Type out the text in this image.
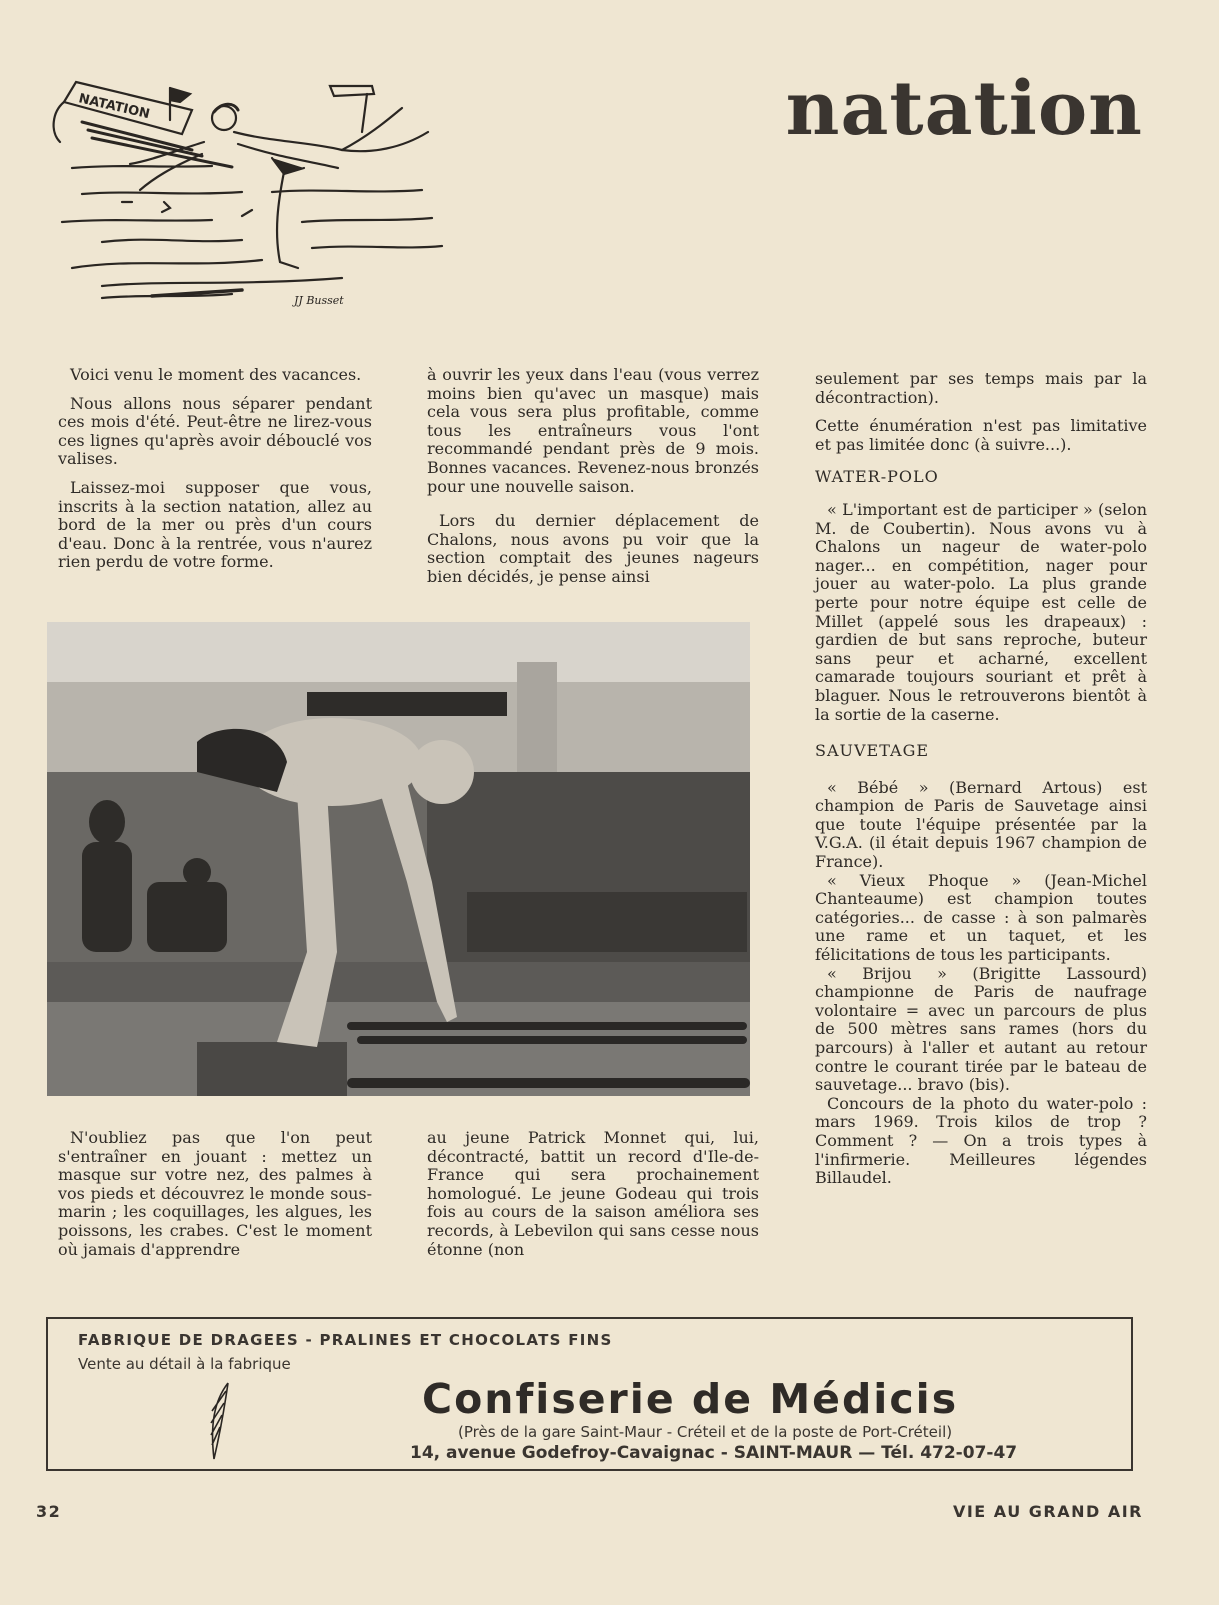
NATATION
JJ Busset
natation

Voici venu le moment des vacances.

Nous allons nous séparer pendant ces mois d'été. Peut-être ne lirez-vous ces lignes qu'après avoir débouclé vos valises.

Laissez-moi supposer que vous, inscrits à la section natation, allez au bord de la mer ou près d'un cours d'eau. Donc à la rentrée, vous n'aurez rien perdu de votre forme.

à ouvrir les yeux dans l'eau (vous verrez moins bien qu'avec un masque) mais cela vous sera plus profitable, comme tous les entraîneurs vous l'ont recommandé pendant près de 9 mois. Bonnes vacances. Revenez-nous bronzés pour une nouvelle saison.

Lors du dernier déplacement de Chalons, nous avons pu voir que la section comptait des jeunes nageurs bien décidés, je pense ainsi

N'oubliez pas que l'on peut s'entraîner en jouant : mettez un masque sur votre nez, des palmes à vos pieds et découvrez le monde sous-marin ; les coquillages, les algues, les poissons, les crabes. C'est le moment où jamais d'apprendre

au jeune Patrick Monnet qui, lui, décontracté, battit un record d'Ile-de-France qui sera prochainement homologué. Le jeune Godeau qui trois fois au cours de la saison améliora ses records, à Lebevilon qui sans cesse nous étonne (non

seulement par ses temps mais par la décontraction).

Cette énumération n'est pas limitative et pas limitée donc (à suivre...).

WATER-POLO

« L'important est de participer » (selon M. de Coubertin). Nous avons vu à Chalons un nageur de water-polo nager... en compétition, nager pour jouer au water-polo. La plus grande perte pour notre équipe est celle de Millet (appelé sous les drapeaux) : gardien de but sans reproche, buteur sans peur et acharné, excellent camarade toujours souriant et prêt à blaguer. Nous le retrouverons bientôt à la sortie de la caserne.

SAUVETAGE

« Bébé » (Bernard Artous) est champion de Paris de Sauvetage ainsi que toute l'équipe présentée par la V.G.A. (il était depuis 1967 champion de France).

« Vieux Phoque » (Jean-Michel Chanteaume) est champion toutes catégories... de casse : à son palmarès une rame et un taquet, et les félicitations de tous les participants.

« Brijou » (Brigitte Lassourd) championne de Paris de naufrage volontaire = avec un parcours de plus de 500 mètres sans rames (hors du parcours) à l'aller et autant au retour contre le courant tirée par le bateau de sauvetage... bravo (bis).

Concours de la photo du water-polo : mars 1969. Trois kilos de trop ? Comment ? — On a trois types à l'infirmerie. Meilleures légendes Billaudel.

FABRIQUE DE DRAGEES - PRALINES ET CHOCOLATS FINS
Vente au détail à la fabrique
Confiserie de Médicis
(Près de la gare Saint-Maur - Créteil et de la poste de Port-Créteil)
14, avenue Godefroy-Cavaignac - SAINT-MAUR — Tél. 472-07-47
32	VIE AU GRAND AIR
